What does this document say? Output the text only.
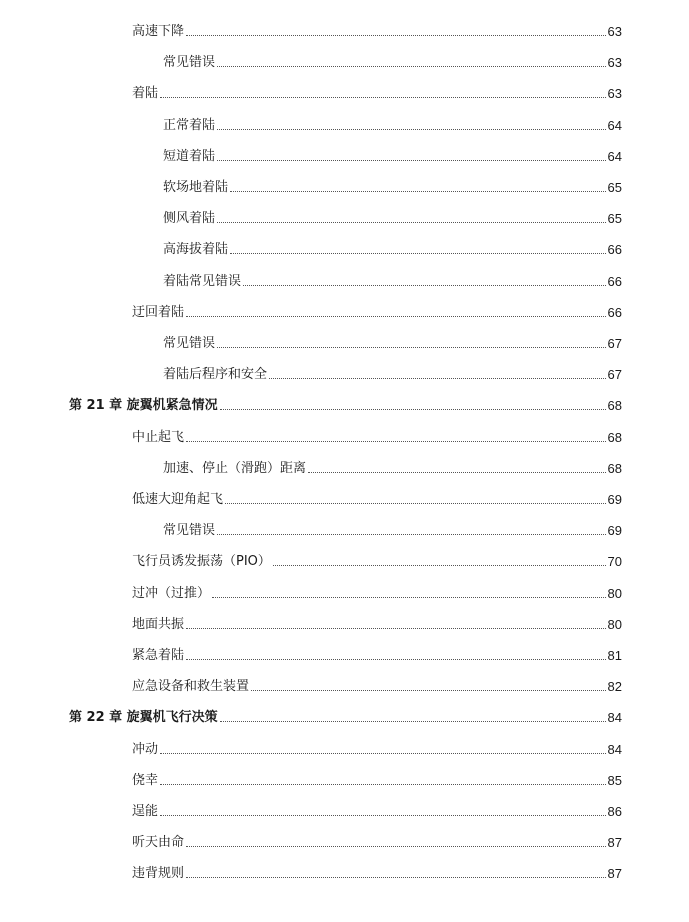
高速下降	63
常见错误	63
着陆	63
正常着陆	64
短道着陆	64
软场地着陆	65
侧风着陆	65
高海拔着陆	66
着陆常见错误	66
迂回着陆	66
常见错误	67
着陆后程序和安全	67
第 21 章 旋翼机紧急情况	68
中止起飞	68
加速、停止（滑跑）距离	68
低速大迎角起飞	69
常见错误	69
飞行员诱发振荡（PIO）	70
过冲（过推）	80
地面共振	80
紧急着陆	81
应急设备和救生装置	82
第 22 章 旋翼机飞行决策	84
冲动	84
侥幸	85
逞能	86
听天由命	87
违背规则	87
